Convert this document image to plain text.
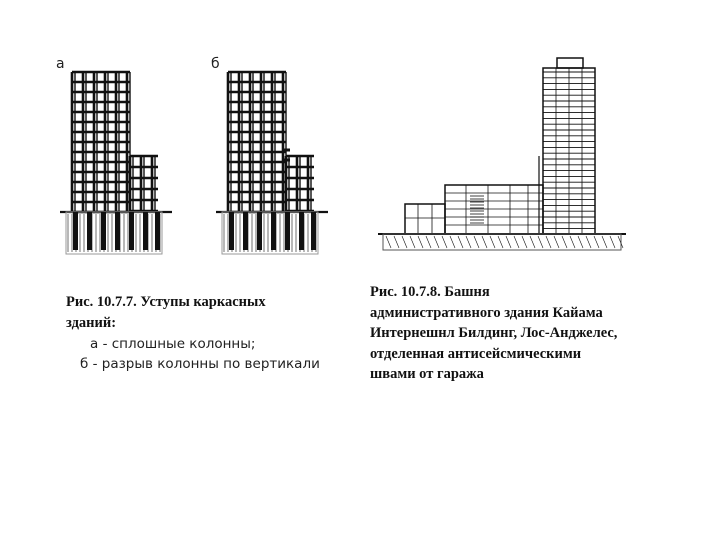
а	б
Рис. 10.7.7. Уступы каркасных
зданий:
а - сплошные колонны;
б - разрыв колонны по вертикали
Рис. 10.7.8. Башня
административного здания Кайама
Интернешнл Билдинг, Лос-Анджелес,
отделенная антисейсмическими
швами от гаража
